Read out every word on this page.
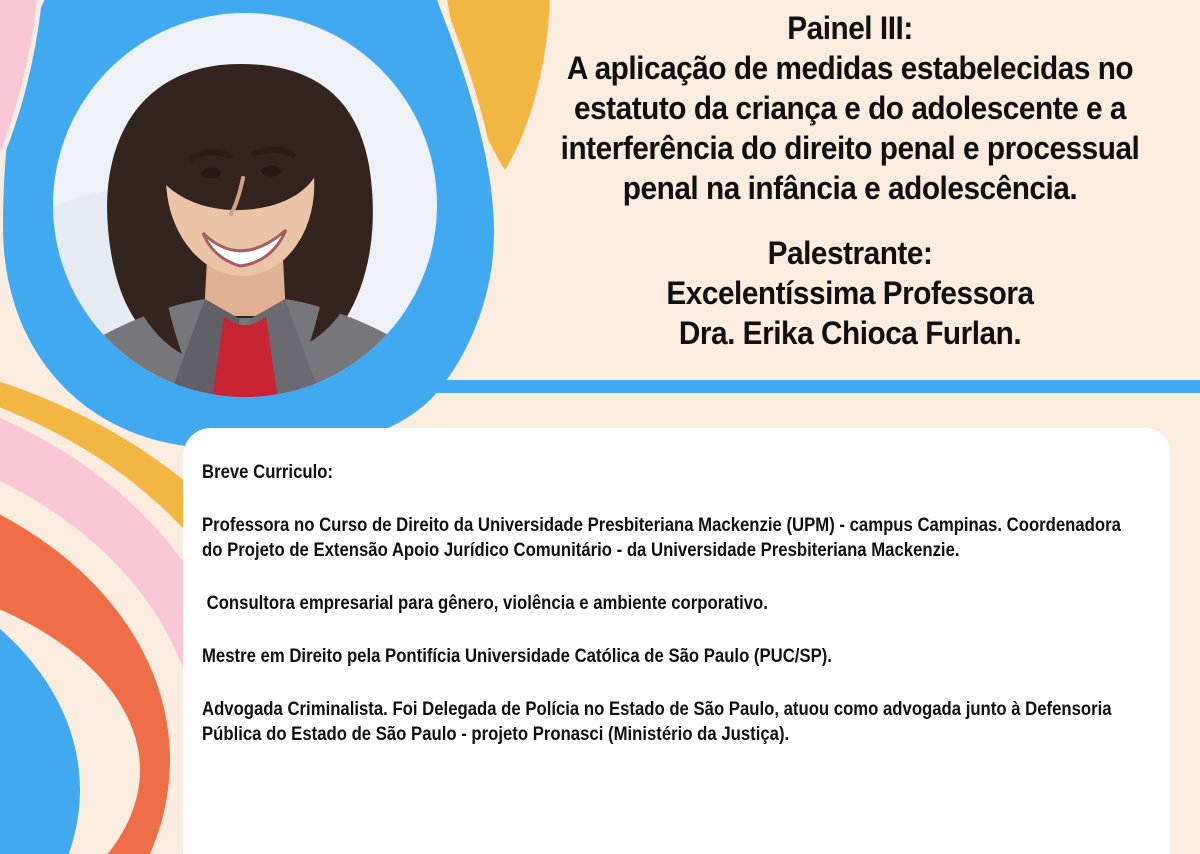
Painel III:
A aplicação de medidas estabelecidas no
estatuto da criança e do adolescente e a
interferência do direito penal e processual
penal na infância e adolescência.
Palestrante:
Excelentíssima Professora
Dra. Erika Chioca Furlan.

Breve Curriculo:

Professora no Curso de Direito da Universidade Presbiteriana Mackenzie (UPM) - campus Campinas. Coordenadora do Projeto de Extensão Apoio Jurídico Comunitário - da Universidade Presbiteriana Mackenzie.

Consultora empresarial para gênero, violência e ambiente corporativo.

Mestre em Direito pela Pontifícia Universidade Católica de São Paulo (PUC/SP).

Advogada Criminalista. Foi Delegada de Polícia no Estado de São Paulo, atuou como advogada junto à Defensoria Pública do Estado de São Paulo - projeto Pronasci (Ministério da Justiça).
